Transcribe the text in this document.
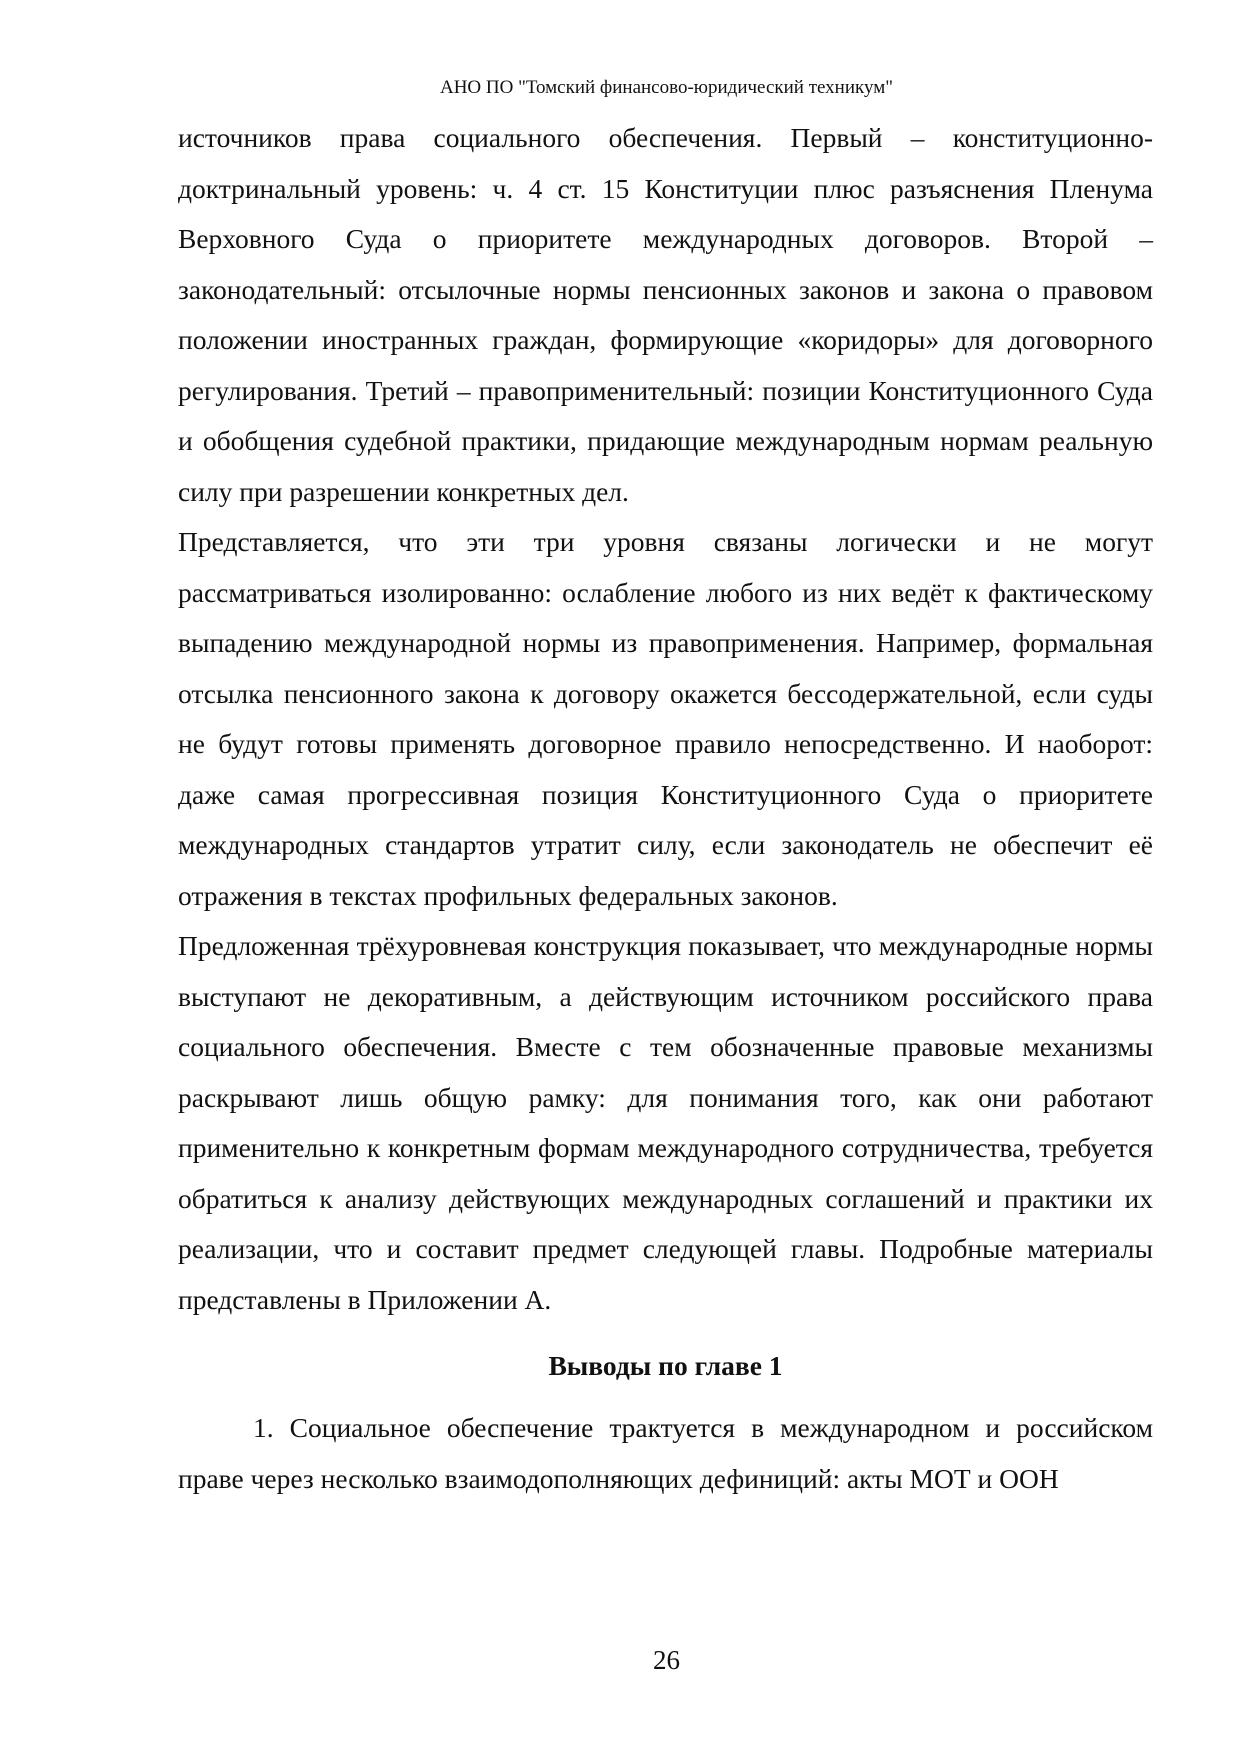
АНО ПО "Томский финансово-юридический техникум"

источников права социального обеспечения. Первый – конституционно-доктринальный уровень: ч. 4 ст. 15 Конституции плюс разъяснения Пленума Верховного Суда о приоритете международных договоров. Второй – законодательный: отсылочные нормы пенсионных законов и закона о правовом положении иностранных граждан, формирующие «коридоры» для договорного регулирования. Третий – правоприменительный: позиции Конституционного Суда и обобщения судебной практики, придающие международным нормам реальную силу при разрешении конкретных дел.

Представляется, что эти три уровня связаны логически и не могут рассматриваться изолированно: ослабление любого из них ведёт к фактическому выпадению международной нормы из правоприменения. Например, формальная отсылка пенсионного закона к договору окажется бессодержательной, если суды не будут готовы применять договорное правило непосредственно. И наоборот: даже самая прогрессивная позиция Конституционного Суда о приоритете международных стандартов утратит силу, если законодатель не обеспечит её отражения в текстах профильных федеральных законов.

Предложенная трёхуровневая конструкция показывает, что международные нормы выступают не декоративным, а действующим источником российского права социального обеспечения. Вместе с тем обозначенные правовые механизмы раскрывают лишь общую рамку: для понимания того, как они работают применительно к конкретным формам международного сотрудничества, требуется обратиться к анализу действующих международных соглашений и практики их реализации, что и составит предмет следующей главы. Подробные материалы представлены в Приложении А.

Выводы по главе 1

1. Социальное обеспечение трактуется в международном и российском праве через несколько взаимодополняющих дефиниций: акты МОТ и ООН

26
